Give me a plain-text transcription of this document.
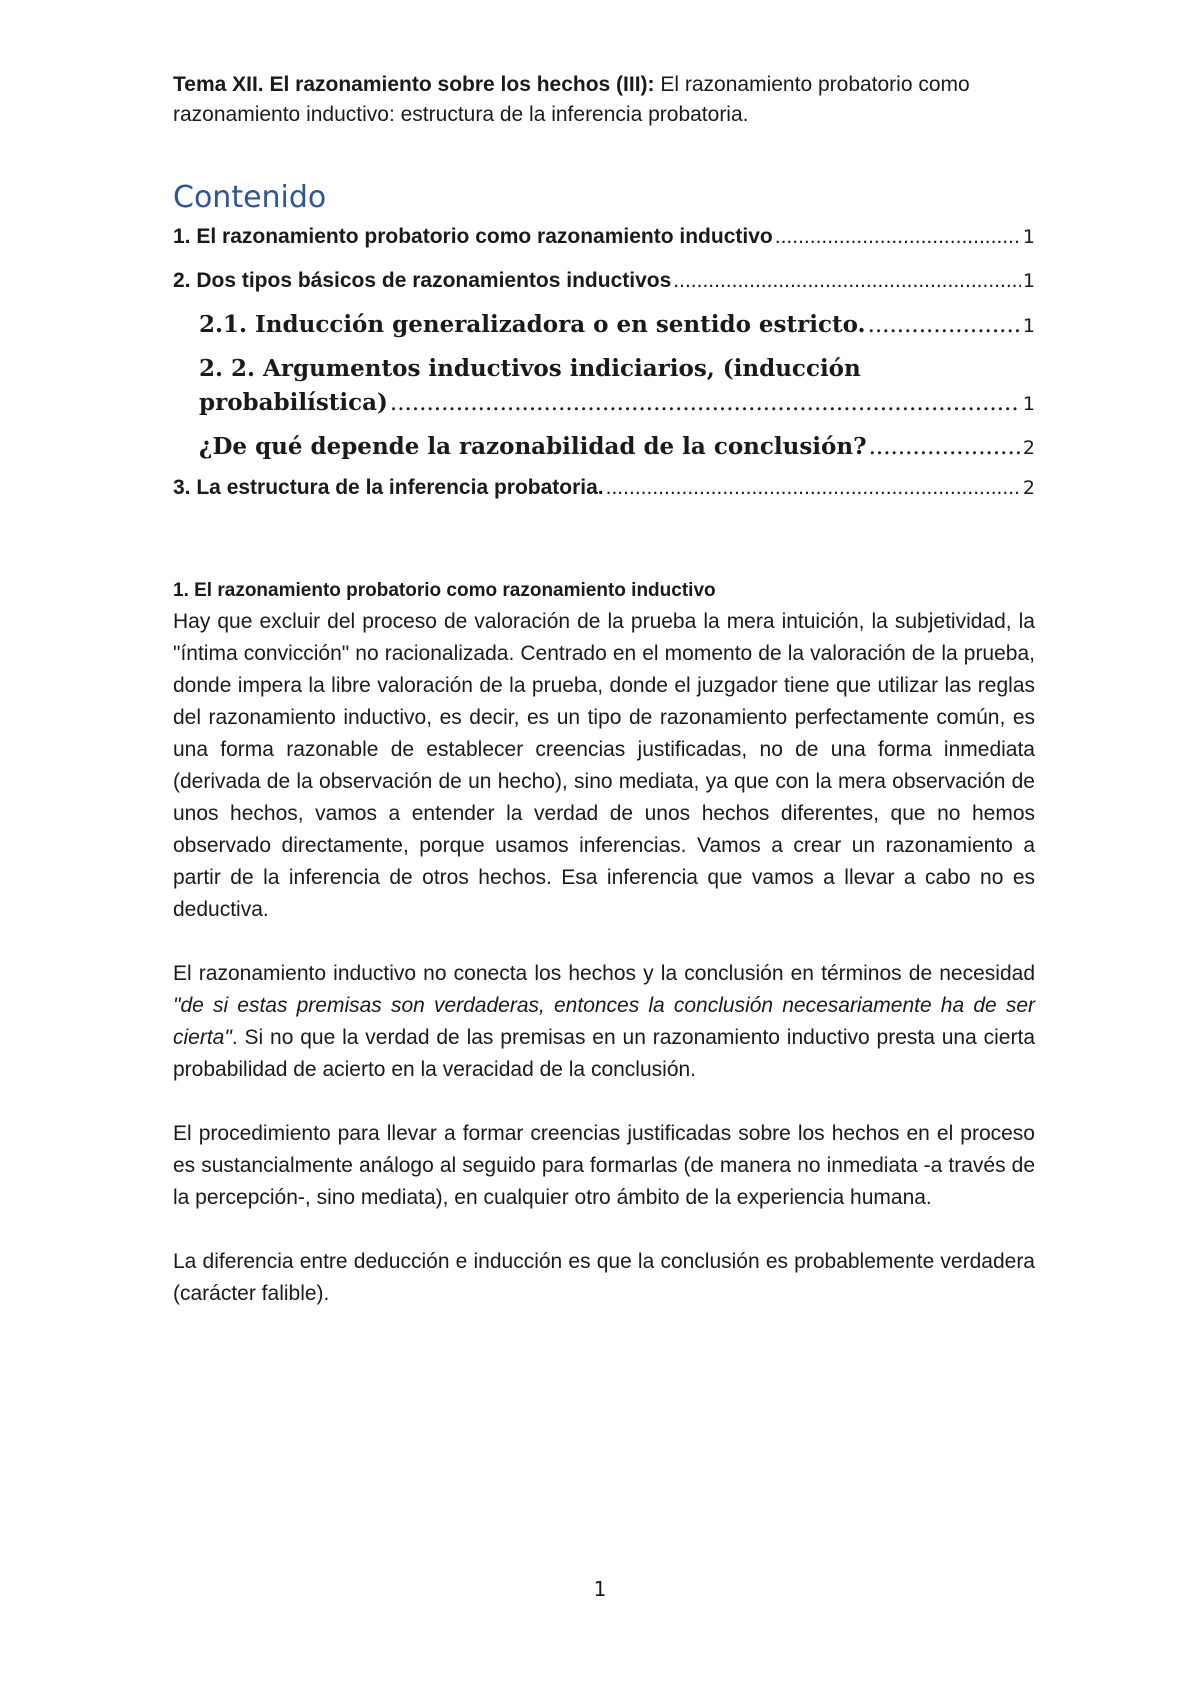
Tema XII. El razonamiento sobre los hechos (III): El razonamiento probatorio como razonamiento inductivo: estructura de la inferencia probatoria.

Contenido
1. El razonamiento probatorio como razonamiento inductivo .....	1
2. Dos tipos básicos de razonamientos inductivos .....	1
2.1. Inducción generalizadora o en sentido estricto. .....	1
2. 2. Argumentos inductivos indiciarios, (inducción
probabilística) .....	1
¿De qué depende la razonabilidad de la conclusión? .....	2
3. La estructura de la inferencia probatoria. .....	2
1. El razonamiento probatorio como razonamiento inductivo

Hay que excluir del proceso de valoración de la prueba la mera intuición, la subjetividad, la "íntima convicción" no racionalizada. Centrado en el momento de la valoración de la prueba, donde impera la libre valoración de la prueba, donde el juzgador tiene que utilizar las reglas del razonamiento inductivo, es decir, es un tipo de razonamiento perfectamente común, es una forma razonable de establecer creencias justificadas, no de una forma inmediata (derivada de la observación de un hecho), sino mediata, ya que con la mera observación de unos hechos, vamos a entender la verdad de unos hechos diferentes, que no hemos observado directamente, porque usamos inferencias. Vamos a crear un razonamiento a partir de la inferencia de otros hechos. Esa inferencia que vamos a llevar a cabo no es deductiva.

El razonamiento inductivo no conecta los hechos y la conclusión en términos de necesidad "de si estas premisas son verdaderas, entonces la conclusión necesariamente ha de ser cierta". Si no que la verdad de las premisas en un razonamiento inductivo presta una cierta probabilidad de acierto en la veracidad de la conclusión.

El procedimiento para llevar a formar creencias justificadas sobre los hechos en el proceso es sustancialmente análogo al seguido para formarlas (de manera no inmediata -a través de la percepción-, sino mediata), en cualquier otro ámbito de la experiencia humana.

La diferencia entre deducción e inducción es que la conclusión es probablemente verdadera (carácter falible).

1
